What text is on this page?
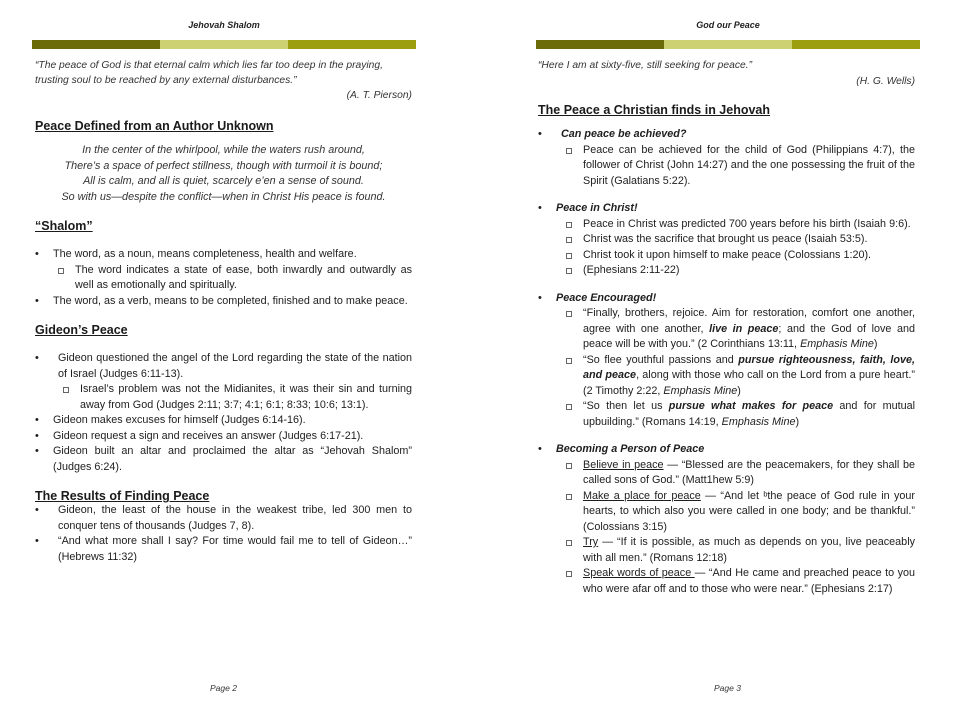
Jehovah Shalom
“The peace of God is that eternal calm which lies far too deep in the praying, trusting soul to be reached by any external disturbances.”
(A. T. Pierson)
Peace Defined from an Author Unknown
In the center of the whirlpool, while the waters rush around,
There’s a space of perfect stillness, though with turmoil it is bound;
All is calm, and all is quiet, scarcely e’en a sense of sound.
So with us—despite the conflict—when in Christ His peace is found.
“Shalom”
• The word, as a noun, means completeness, health and welfare.
The word indicates a state of ease, both inwardly and outwardly as well as emotionally and spiritually.
• The word, as a verb, means to be completed, finished and to make peace.
Gideon’s Peace
• Gideon questioned the angel of the Lord regarding the state of the nation of Israel (Judges 6:11-13).
Israel’s problem was not the Midianites, it was their sin and turning away from God (Judges 2:11; 3:7; 4:1; 6:1; 8:33; 10:6; 13:1).
• Gideon makes excuses for himself (Judges 6:14-16).
• Gideon request a sign and receives an answer (Judges 6:17-21).
• Gideon built an altar and proclaimed the altar as “Jehovah Shalom” (Judges 6:24).
The Results of Finding Peace
• Gideon, the least of the house in the weakest tribe, led 300 men to conquer tens of thousands (Judges 7, 8).
• “And what more shall I say? For time would fail me to tell of Gideon…” (Hebrews 11:32)
Page 2
God our Peace
“Here I am at sixty-five, still seeking for peace.”
(H. G. Wells)
The Peace a Christian finds in Jehovah
• Can peace be achieved?
Peace can be achieved for the child of God (Philippians 4:7), the follower of Christ (John 14:27) and the one possessing the fruit of the Spirit (Galatians 5:22).
• Peace in Christ!
Peace in Christ was predicted 700 years before his birth (Isaiah 9:6).
Christ was the sacrifice that brought us peace (Isaiah 53:5).
Christ took it upon himself to make peace (Colossians 1:20).
(Ephesians 2:11-22)
• Peace Encouraged!
“Finally, brothers, rejoice. Aim for restoration, comfort one another, agree with one another, live in peace; and the God of love and peace will be with you.” (2 Corinthians 13:11, Emphasis Mine)
“So flee youthful passions and pursue righteousness, faith, love, and peace, along with those who call on the Lord from a pure heart.” (2 Timothy 2:22, Emphasis Mine)
“So then let us pursue what makes for peace and for mutual upbuilding.” (Romans 14:19, Emphasis Mine)
• Becoming a Person of Peace
Believe in peace — “Blessed are the peacemakers, for they shall be called sons of God.” (Matt1hew 5:9)
Make a place for peace — “And let ᵇthe peace of God rule in your hearts, to which also you were called in one body; and be thankful.” (Colossians 3:15)
Try — “If it is possible, as much as depends on you, live peaceably with all men.” (Romans 12:18)
Speak words of peace — “And He came and preached peace to you who were afar off and to those who were near.” (Ephesians 2:17)
Page 3
